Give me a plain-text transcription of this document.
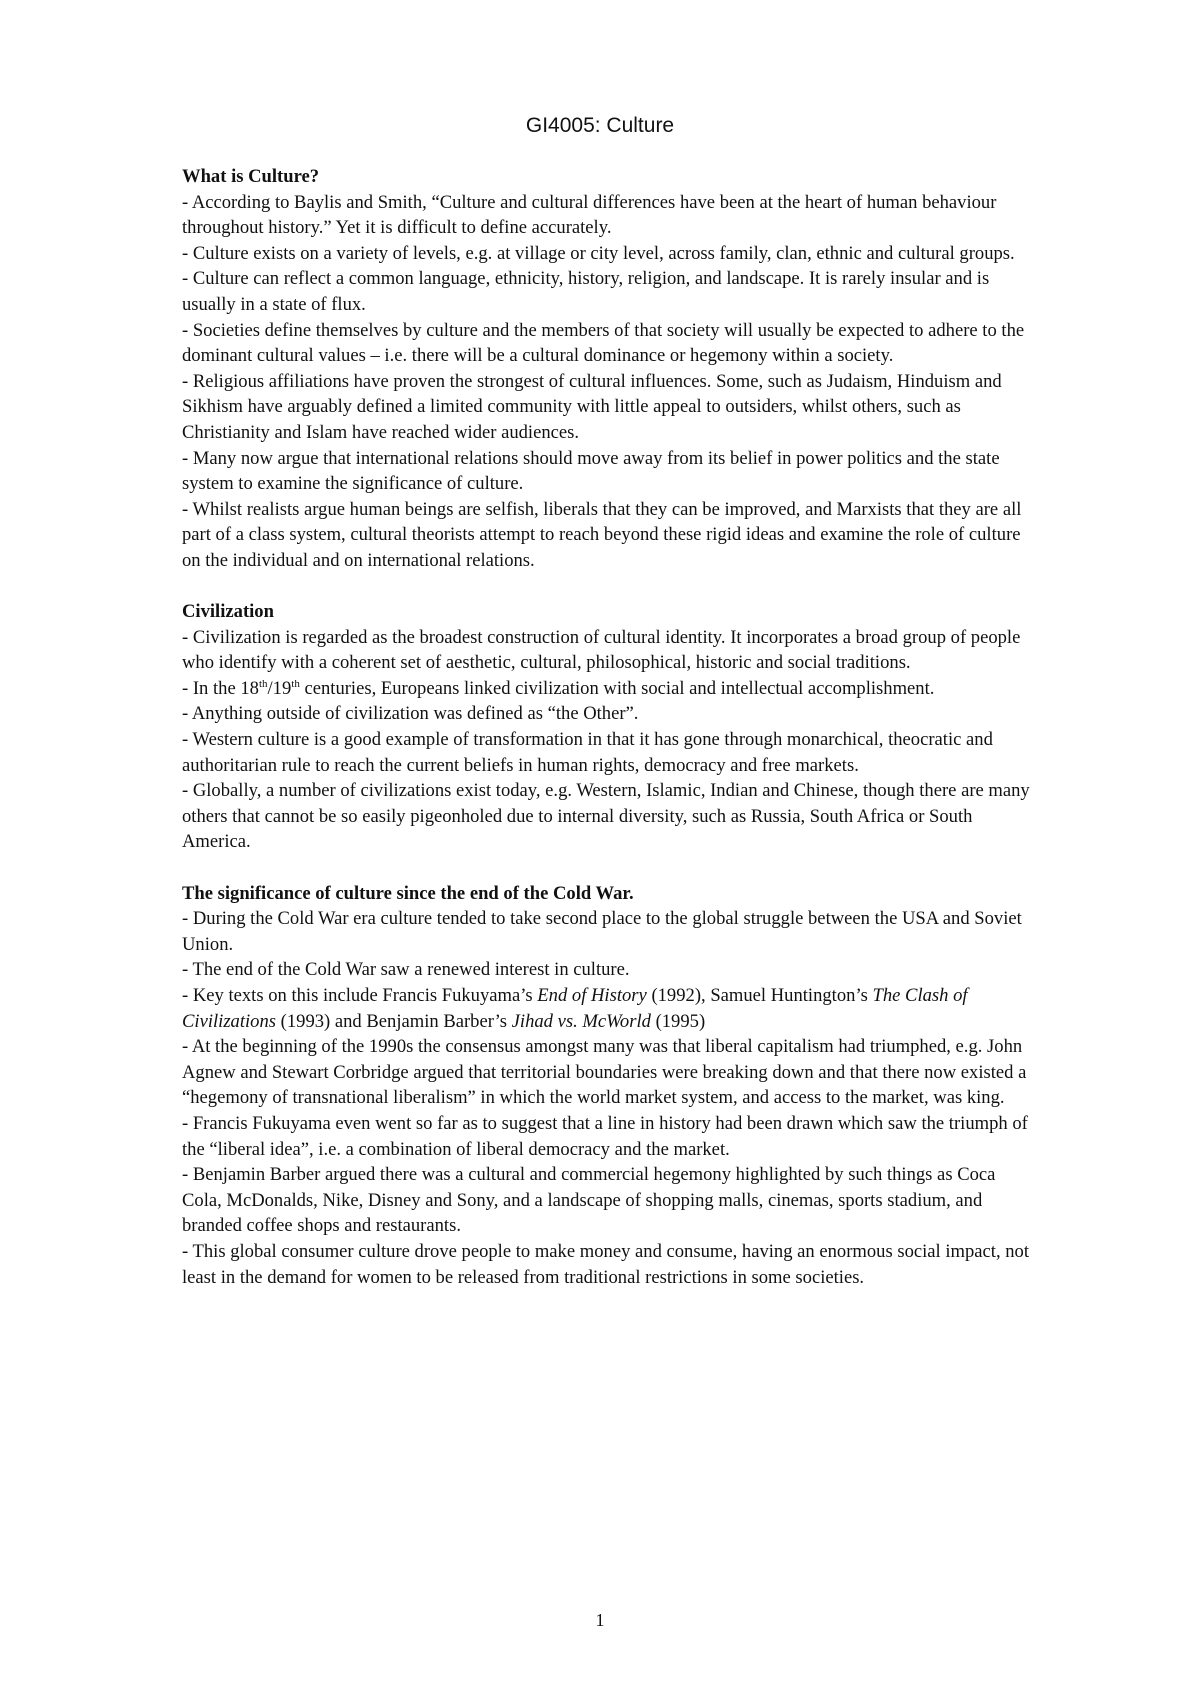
GI4005: Culture

What is Culture?

- According to Baylis and Smith, “Culture and cultural differences have been at the heart of human behaviour throughout history.” Yet it is difficult to define accurately.

- Culture exists on a variety of levels, e.g. at village or city level, across family, clan, ethnic and cultural groups.

- Culture can reflect a common language, ethnicity, history, religion, and landscape. It is rarely insular and is usually in a state of flux.

- Societies define themselves by culture and the members of that society will usually be expected to adhere to the dominant cultural values – i.e. there will be a cultural dominance or hegemony within a society.

- Religious affiliations have proven the strongest of cultural influences. Some, such as Judaism, Hinduism and Sikhism have arguably defined a limited community with little appeal to outsiders, whilst others, such as Christianity and Islam have reached wider audiences.

- Many now argue that international relations should move away from its belief in power politics and the state system to examine the significance of culture.

- Whilst realists argue human beings are selfish, liberals that they can be improved, and Marxists that they are all part of a class system, cultural theorists attempt to reach beyond these rigid ideas and examine the role of culture on the individual and on international relations.

Civilization

- Civilization is regarded as the broadest construction of cultural identity. It incorporates a broad group of people who identify with a coherent set of aesthetic, cultural, philosophical, historic and social traditions.

- In the 18th/19th centuries, Europeans linked civilization with social and intellectual accomplishment.

- Anything outside of civilization was defined as “the Other”.

- Western culture is a good example of transformation in that it has gone through monarchical, theocratic and authoritarian rule to reach the current beliefs in human rights, democracy and free markets.

- Globally, a number of civilizations exist today, e.g. Western, Islamic, Indian and Chinese, though there are many others that cannot be so easily pigeonholed due to internal diversity, such as Russia, South Africa or South America.

The significance of culture since the end of the Cold War.

- During the Cold War era culture tended to take second place to the global struggle between the USA and Soviet Union.

- The end of the Cold War saw a renewed interest in culture.

- Key texts on this include Francis Fukuyama’s End of History (1992), Samuel Huntington’s The Clash of Civilizations (1993) and Benjamin Barber’s Jihad vs. McWorld (1995)

- At the beginning of the 1990s the consensus amongst many was that liberal capitalism had triumphed, e.g. John Agnew and Stewart Corbridge argued that territorial boundaries were breaking down and that there now existed a “hegemony of transnational liberalism” in which the world market system, and access to the market, was king.

- Francis Fukuyama even went so far as to suggest that a line in history had been drawn which saw the triumph of the “liberal idea”, i.e. a combination of liberal democracy and the market.

- Benjamin Barber argued there was a cultural and commercial hegemony highlighted by such things as Coca Cola, McDonalds, Nike, Disney and Sony, and a landscape of shopping malls, cinemas, sports stadium, and branded coffee shops and restaurants.

- This global consumer culture drove people to make money and consume, having an enormous social impact, not least in the demand for women to be released from traditional restrictions in some societies.

1
